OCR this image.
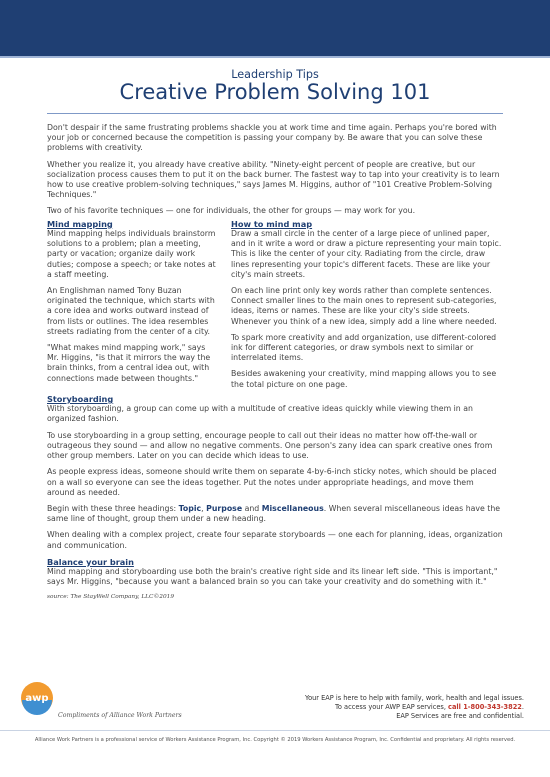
Leadership Tips
Creative Problem Solving 101

Don't despair if the same frustrating problems shackle you at work time and time again. Perhaps you're bored with your job or concerned because the competition is passing your company by. Be aware that you can solve these problems with creativity.

Whether you realize it, you already have creative ability. "Ninety-eight percent of people are creative, but our socialization process causes them to put it on the back burner. The fastest way to tap into your creativity is to learn how to use creative problem-solving techniques," says James M. Higgins, author of "101 Creative Problem-Solving Techniques."

Two of his favorite techniques — one for individuals, the other for groups — may work for you.

Mind mapping

Mind mapping helps individuals brainstorm solutions to a problem; plan a meeting, party or vacation; organize daily work duties; compose a speech; or take notes at a staff meeting.

An Englishman named Tony Buzan originated the technique, which starts with a core idea and works outward instead of from lists or outlines. The idea resembles streets radiating from the center of a city.

"What makes mind mapping work," says Mr. Higgins, "is that it mirrors the way the brain thinks, from a central idea out, with connections made between thoughts."

How to mind map

Draw a small circle in the center of a large piece of unlined paper, and in it write a word or draw a picture representing your main topic. This is like the center of your city. Radiating from the circle, draw lines representing your topic's different facets. These are like your city's main streets.

On each line print only key words rather than complete sentences. Connect smaller lines to the main ones to represent sub-categories, ideas, items or names. These are like your city's side streets. Whenever you think of a new idea, simply add a line where needed.

To spark more creativity and add organization, use different-colored ink for different categories, or draw symbols next to similar or interrelated items.

Besides awakening your creativity, mind mapping allows you to see the total picture on one page.

Storyboarding

With storyboarding, a group can come up with a multitude of creative ideas quickly while viewing them in an organized fashion.

To use storyboarding in a group setting, encourage people to call out their ideas no matter how off-the-wall or outrageous they sound — and allow no negative comments. One person's zany idea can spark creative ones from other group members. Later on you can decide which ideas to use.

As people express ideas, someone should write them on separate 4-by-6-inch sticky notes, which should be placed on a wall so everyone can see the ideas together. Put the notes under appropriate headings, and move them around as needed.

Begin with these three headings: Topic, Purpose and Miscellaneous. When several miscellaneous ideas have the same line of thought, group them under a new heading.

When dealing with a complex project, create four separate storyboards — one each for planning, ideas, organization and communication.

Balance your brain

Mind mapping and storyboarding use both the brain's creative right side and its linear left side. "This is important," says Mr. Higgins, "because you want a balanced brain so you can take your creativity and do something with it."

source: The StayWell Company, LLC©2019
awp
Compliments of Alliance Work Partners
Your EAP is here to help with family, work, health and legal issues.
To access your AWP EAP services, call 1-800-343-3822.
EAP Services are free and confidential.
Alliance Work Partners is a professional service of Workers Assistance Program, Inc. Copyright © 2019 Workers Assistance Program, Inc. Confidential and proprietary. All rights reserved.
